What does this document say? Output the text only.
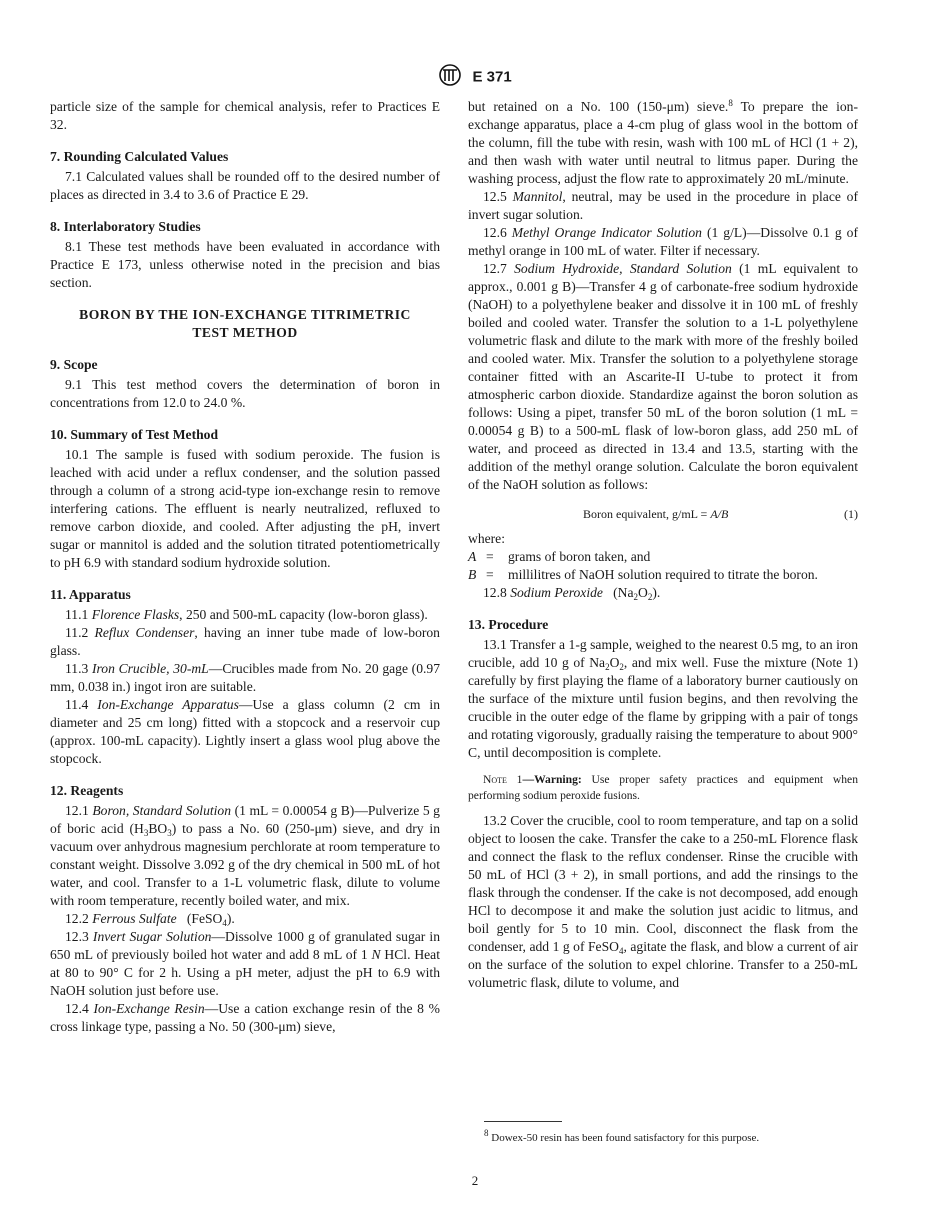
E 371

particle size of the sample for chemical analysis, refer to Practices E 32.

7. Rounding Calculated Values

7.1 Calculated values shall be rounded off to the desired number of places as directed in 3.4 to 3.6 of Practice E 29.

8. Interlaboratory Studies

8.1 These test methods have been evaluated in accordance with Practice E 173, unless otherwise noted in the precision and bias section.

BORON BY THE ION-EXCHANGE TITRIMETRIC TEST METHOD
9. Scope

9.1 This test method covers the determination of boron in concentrations from 12.0 to 24.0 %.

10. Summary of Test Method

10.1 The sample is fused with sodium peroxide. The fusion is leached with acid under a reflux condenser, and the solution passed through a column of a strong acid-type ion-exchange resin to remove interfering cations. The effluent is nearly neutralized, refluxed to remove carbon dioxide, and cooled. After adjusting the pH, invert sugar or mannitol is added and the solution titrated potentiometrically to pH 6.9 with standard sodium hydroxide solution.

11. Apparatus

11.1 Florence Flasks, 250 and 500-mL capacity (low-boron glass).

11.2 Reflux Condenser, having an inner tube made of low-boron glass.

11.3 Iron Crucible, 30-mL—Crucibles made from No. 20 gage (0.97 mm, 0.038 in.) ingot iron are suitable.

11.4 Ion-Exchange Apparatus—Use a glass column (2 cm in diameter and 25 cm long) fitted with a stopcock and a reservoir cup (approx. 100-mL capacity). Lightly insert a glass wool plug above the stopcock.

12. Reagents

12.1 Boron, Standard Solution (1 mL = 0.00054 g B)—Pulverize 5 g of boric acid $(H_3BO_3)$ to pass a No. 60 (250-μm) sieve, and dry in vacuum over anhydrous magnesium perchlorate at room temperature to constant weight. Dissolve 3.092 g of the dry chemical in 500 mL of hot water, and cool. Transfer to a 1-L volumetric flask, dilute to volume with room temperature, recently boiled water, and mix.

12.2 Ferrous Sulfate (FeSO$_4$).

12.3 Invert Sugar Solution—Dissolve 1000 g of granulated sugar in 650 mL of previously boiled hot water and add 8 mL of 1 N HCl. Heat at 80 to 90° C for 2 h. Using a pH meter, adjust the pH to 6.9 with NaOH solution just before use.

12.4 Ion-Exchange Resin—Use a cation exchange resin of the 8 % cross linkage type, passing a No. 50 (300-μm) sieve,

but retained on a No. 100 (150-μm) sieve.$^8$ To prepare the ion-exchange apparatus, place a 4-cm plug of glass wool in the bottom of the column, fill the tube with resin, wash with 100 mL of HCl (1 + 2), and then wash with water until neutral to litmus paper. During the washing process, adjust the flow rate to approximately 20 mL/minute.

12.5 Mannitol, neutral, may be used in the procedure in place of invert sugar solution.

12.6 Methyl Orange Indicator Solution (1 g/L)—Dissolve 0.1 g of methyl orange in 100 mL of water. Filter if necessary.

12.7 Sodium Hydroxide, Standard Solution (1 mL equivalent to approx., 0.001 g B)—Transfer 4 g of carbonate-free sodium hydroxide (NaOH) to a polyethylene beaker and dissolve it in 100 mL of freshly boiled and cooled water. Transfer the solution to a 1-L polyethylene volumetric flask and dilute to the mark with more of the freshly boiled and cooled water. Mix. Transfer the solution to a polyethylene storage container fitted with an Ascarite-II U-tube to protect it from atmospheric carbon dioxide. Standardize against the boron solution as follows: Using a pipet, transfer 50 mL of the boron solution (1 mL = 0.00054 g B) to a 500-mL flask of low-boron glass, add 250 mL of water, and proceed as directed in 13.4 and 13.5, starting with the addition of the methyl orange solution. Calculate the boron equivalent of the NaOH solution as follows:

Boron equivalent, g/mL = A/B	(1)

where:

A =	grams of boron taken, and
B =	millilitres of NaOH solution required to titrate the boron.

12.8 Sodium Peroxide $(Na_2O_2)$.

13. Procedure

13.1 Transfer a 1-g sample, weighed to the nearest 0.5 mg, to an iron crucible, add 10 g of $Na_2O_2$, and mix well. Fuse the mixture (Note 1) carefully by first playing the flame of a laboratory burner cautiously on the surface of the mixture until fusion begins, and then revolving the crucible in the outer edge of the flame by gripping with a pair of tongs and rotating vigorously, gradually raising the temperature to about 900° C, until decomposition is complete.

Note 1—Warning: Use proper safety practices and equipment when performing sodium peroxide fusions.

13.2 Cover the crucible, cool to room temperature, and tap on a solid object to loosen the cake. Transfer the cake to a 250-mL Florence flask and connect the flask to the reflux condenser. Rinse the crucible with 50 mL of HCl (3 + 2), in small portions, and add the rinsings to the flask through the condenser. If the cake is not decomposed, add enough HCl to decompose it and make the solution just acidic to litmus, and boil gently for 5 to 10 min. Cool, disconnect the flask from the condenser, add 1 g of FeSO$_4$, agitate the flask, and blow a current of air on the surface of the solution to expel chlorine. Transfer to a 250-mL volumetric flask, dilute to volume, and

$^8$ Dowex-50 resin has been found satisfactory for this purpose.
2
